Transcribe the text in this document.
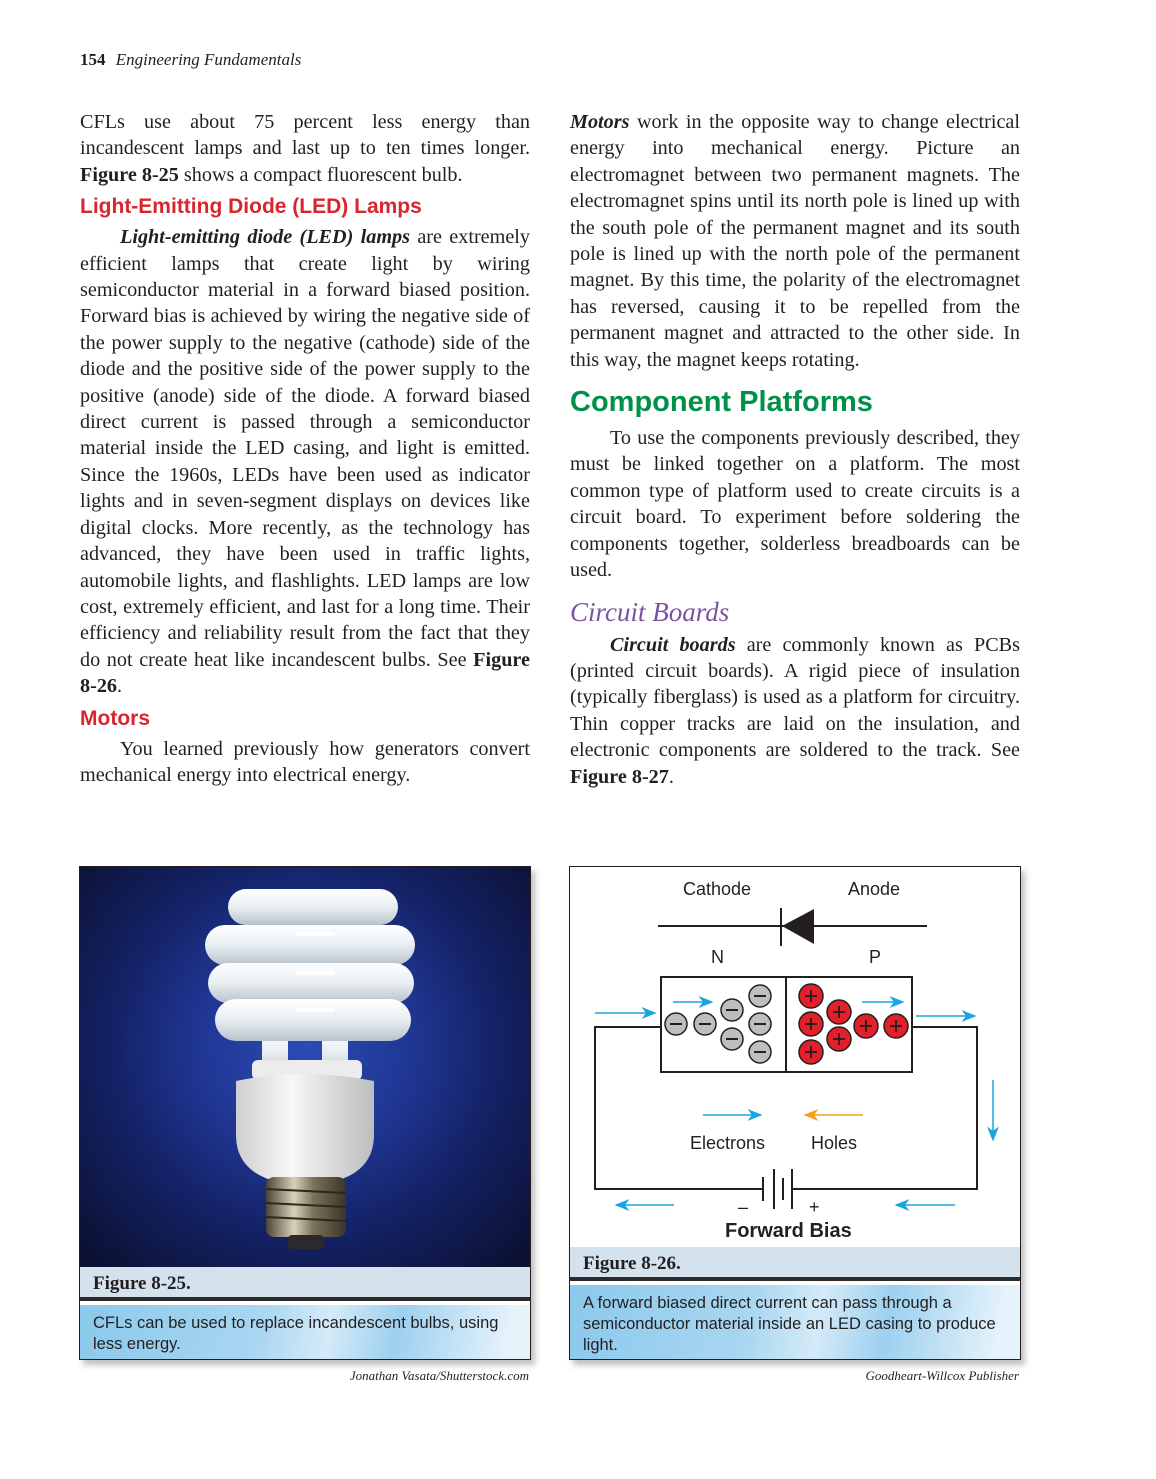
154 Engineering Fundamentals

CFLs use about 75 percent less energy than incandescent lamps and last up to ten times longer. Figure 8-25 shows a compact fluorescent bulb.

Light-Emitting Diode (LED) Lamps

Light-emitting diode (LED) lamps are extremely efficient lamps that create light by wiring semiconductor material in a forward biased position. Forward bias is achieved by wiring the negative side of the power supply to the negative (cathode) side of the diode and the positive side of the power supply to the positive (anode) side of the diode. A forward biased direct current is passed through a semiconductor material inside the LED casing, and light is emitted. Since the 1960s, LEDs have been used as indicator lights and in seven-segment displays on devices like digital clocks. More recently, as the technology has advanced, they have been used in traffic lights, automobile lights, and flashlights. LED lamps are low cost, extremely efficient, and last for a long time. Their efficiency and reliability result from the fact that they do not create heat like incandescent bulbs. See Figure 8-26.

Motors

You learned previously how generators convert mechanical energy into electrical energy.

Motors work in the opposite way to change electrical energy into mechanical energy. Picture an electromagnet between two permanent magnets. The electromagnet spins until its north pole is lined up with the south pole of the permanent magnet and its south pole is lined up with the north pole of the permanent magnet. By this time, the polarity of the electromagnet has reversed, causing it to be repelled from the permanent magnet and attracted to the other side. In this way, the magnet keeps rotating.

Component Platforms

To use the components previously described, they must be linked together on a platform. The most common type of platform used to create circuits is a circuit board. To experiment before soldering the components together, solderless breadboards can be used.

Circuit Boards

Circuit boards are commonly known as PCBs (printed circuit boards). A rigid piece of insulation (typically fiberglass) is used as a platform for circuitry. Thin copper tracks are laid on the insulation, and electronic components are soldered to the track. See Figure 8-27.

Figure 8-25.
CFLs can be used to replace incandescent bulbs, using less energy.
Jonathan Vasata/Shutterstock.com
Cathode	Anode
N	P
–	+
Electrons	Holes
Forward Bias
Figure 8-26.
A forward biased direct current can pass through a semiconductor material inside an LED casing to produce light.
Goodheart-Willcox Publisher
